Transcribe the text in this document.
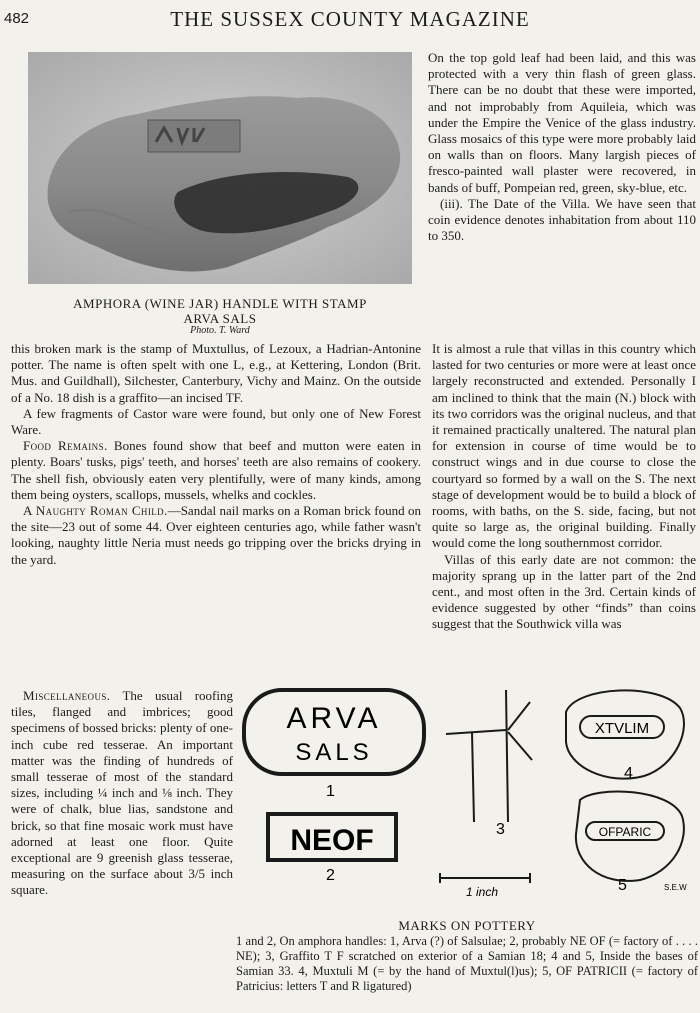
482	THE SUSSEX COUNTY MAGAZINE
AMPHORA (WINE JAR) HANDLE WITH STAMP
ARVA SALS
Photo. T. Ward

On the top gold leaf had been laid, and this was protected with a very thin flash of green glass. There can be no doubt that these were imported, and not improbably from Aquileia, which was under the Empire the Venice of the glass industry. Glass mosaics of this type were more probably laid on walls than on floors. Many largish pieces of fresco-painted wall plaster were recovered, in bands of buff, Pompeian red, green, sky-blue, etc.

(iii). The Date of the Villa. We have seen that coin evidence denotes inhabitation from about 110 to 350.

this broken mark is the stamp of Muxtullus, of Lezoux, a Hadrian-Antonine potter. The name is often spelt with one L, e.g., at Kettering, London (Brit. Mus. and Guildhall), Silchester, Canterbury, Vichy and Mainz. On the outside of a No. 18 dish is a graffito—an incised TF.

A few fragments of Castor ware were found, but only one of New Forest Ware.

Food Remains. Bones found show that beef and mutton were eaten in plenty. Boars' tusks, pigs' teeth, and horses' teeth are also remains of cookery. The shell fish, obviously eaten very plentifully, were of many kinds, among them being oysters, scallops, mussels, whelks and cockles.

A Naughty Roman Child.—Sandal nail marks on a Roman brick found on the site—23 out of some 44. Over eighteen centuries ago, while father wasn't looking, naughty little Neria must needs go tripping over the bricks drying in the yard.

It is almost a rule that villas in this country which lasted for two centuries or more were at least once largely reconstructed and extended. Personally I am inclined to think that the main (N.) block with its two corridors was the original nucleus, and that it remained practically unaltered. The natural plan for extension in course of time would be to construct wings and in due course to close the courtyard so formed by a wall on the S. The next stage of development would be to build a block of rooms, with baths, on the S. side, facing, but not quite so large as, the original building. Finally would come the long southernmost corridor.

Villas of this early date are not common: the majority sprang up in the latter part of the 2nd cent., and most often in the 3rd. Certain kinds of evidence suggested by other “finds” than coins suggest that the Southwick villa was

Miscellaneous. The usual roofing tiles, flanged and imbrices; good specimens of bossed bricks: plenty of one-inch cube red tesserae. An important matter was the finding of hundreds of small tesserae of most of the standard sizes, including ¼ inch and ⅛ inch. They were of chalk, blue lias, sandstone and brick, so that fine mosaic work must have adorned at least one floor. Quite exceptional are 9 greenish glass tesserae, measuring on the surface about 3/5 inch square.

ARVA
SALS
1
NEOF
2
3
XTVLIM
4
OFPARIC
5
1 inch	S.E.W
MARKS ON POTTERY
1 and 2, On amphora handles: 1, Arva (?) of Salsulae; 2, probably NE OF (= factory of . . . . NE); 3, Graffito T F scratched on exterior of a Samian 18; 4 and 5, Inside the bases of Samian 33. 4, Muxtuli M (= by the hand of Muxtul(l)us); 5, OF PATRICII (= factory of Patricius: letters T and R ligatured)
